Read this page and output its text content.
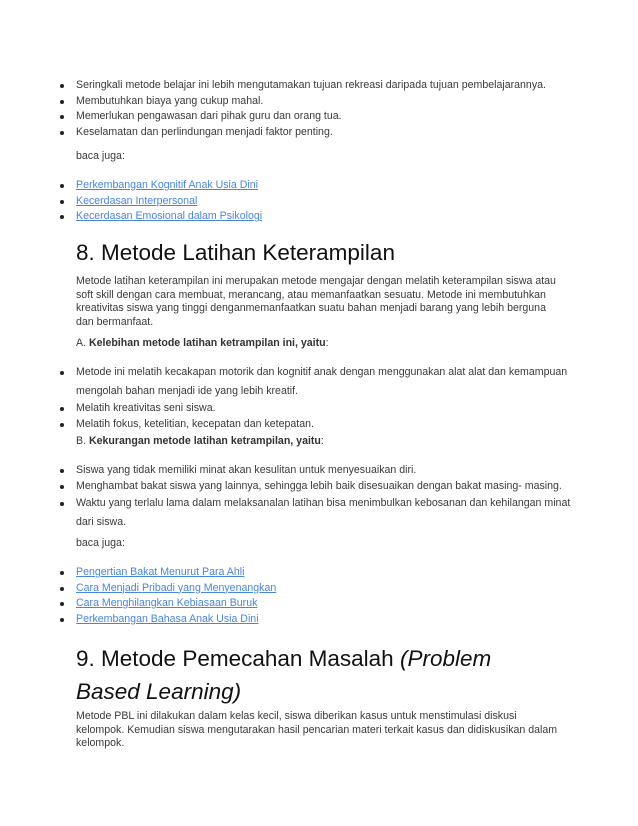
Seringkali metode belajar ini lebih mengutamakan tujuan rekreasi daripada tujuan pembelajarannya.
Membutuhkan biaya yang cukup mahal.
Memerlukan pengawasan dari pihak guru dan orang tua.
Keselamatan dan perlindungan menjadi faktor penting.

baca juga:

Perkembangan Kognitif Anak Usia Dini
Kecerdasan Interpersonal
Kecerdasan Emosional dalam Psikologi
8. Metode Latihan Keterampilan

Metode latihan keterampilan ini merupakan metode mengajar dengan melatih keterampilan siswa atau soft skill dengan cara membuat, merancang, atau memanfaatkan sesuatu. Metode ini membutuhkan kreativitas siswa yang tinggi denganmemanfaatkan suatu bahan menjadi barang yang lebih berguna dan bermanfaat.

A. Kelebihan metode latihan ketrampilan ini, yaitu:

Metode ini melatih kecakapan motorik dan kognitif anak dengan menggunakan alat alat dan kemampuan mengolah bahan menjadi ide yang lebih kreatif.
Melatih kreativitas seni siswa.
Melatih fokus, ketelitian, kecepatan dan ketepatan.

B. Kekurangan metode latihan ketrampilan, yaitu:

Siswa yang tidak memiliki minat akan kesulitan untuk menyesuaikan diri.
Menghambat bakat siswa yang lainnya, sehingga lebih baik disesuaikan dengan bakat masing- masing.
Waktu yang terlalu lama dalam melaksanalan latihan bisa menimbulkan kebosanan dan kehilangan minat dari siswa.

baca juga:

Pengertian Bakat Menurut Para Ahli
Cara Menjadi Pribadi yang Menyenangkan
Cara Menghilangkan Kebiasaan Buruk
Perkembangan Bahasa Anak Usia Dini
9. Metode Pemecahan Masalah (Problem Based Learning)

Metode PBL ini dilakukan dalam kelas kecil, siswa diberikan kasus untuk menstimulasi diskusi kelompok. Kemudian siswa mengutarakan hasil pencarian materi terkait kasus dan didiskusikan dalam kelompok.
